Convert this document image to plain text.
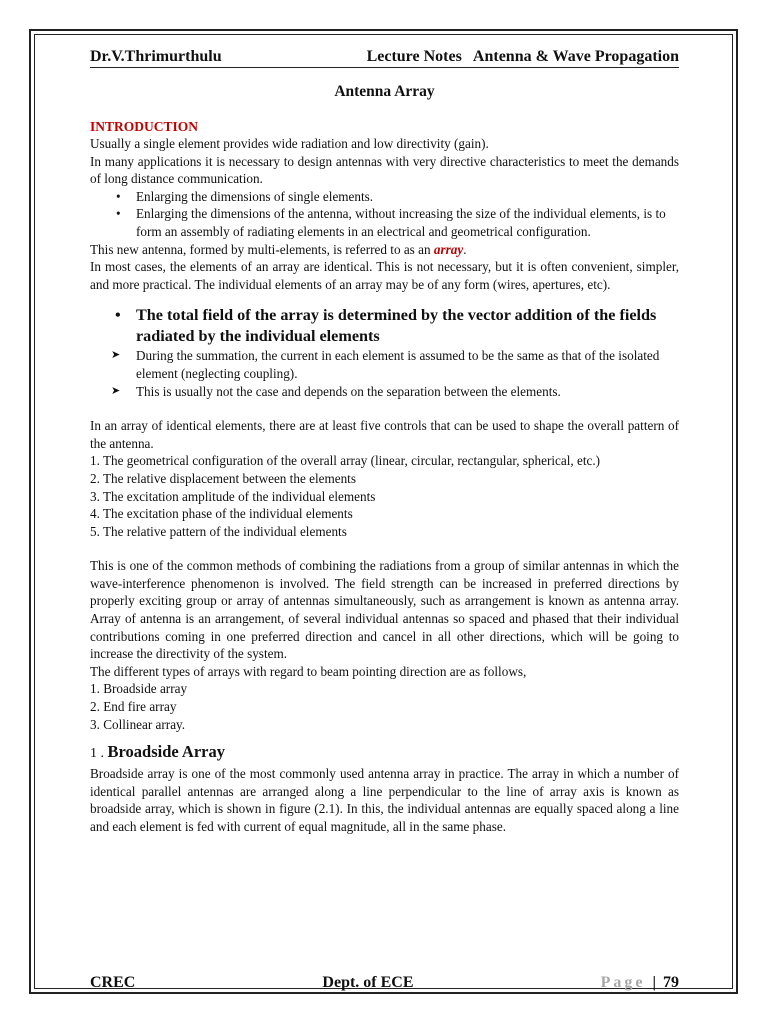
Dr.V.Thrimurthulu	Lecture Notes   Antenna & Wave Propagation
Antenna Array
INTRODUCTION

Usually a single element provides wide radiation and low directivity (gain).

In many applications it is necessary to design antennas with very directive characteristics to meet the demands of long distance communication.

• Enlarging the dimensions of single elements.
• Enlarging the dimensions of the antenna, without increasing the size of the individual elements, is to form an assembly of radiating elements in an electrical and geometrical configuration.

This new antenna, formed by multi-elements, is referred to as an array.

In most cases, the elements of an array are identical. This is not necessary, but it is often convenient, simpler, and more practical. The individual elements of an array may be of any form (wires, apertures, etc).

• The total field of the array is determined by the vector addition of the fields radiated by the individual elements
➤ During the summation, the current in each element is assumed to be the same as that of the isolated element (neglecting coupling).
➤ This is usually not the case and depends on the separation between the elements.

In an array of identical elements, there are at least five controls that can be used to shape the overall pattern of the antenna.

1. The geometrical configuration of the overall array (linear, circular, rectangular, spherical, etc.)

2. The relative displacement between the elements

3. The excitation amplitude of the individual elements

4. The excitation phase of the individual elements

5. The relative pattern of the individual elements

This is one of the common methods of combining the radiations from a group of similar antennas in which the wave-interference phenomenon is involved. The field strength can be increased in preferred directions by properly exciting group or array of antennas simultaneously, such as arrangement is known as antenna array. Array of antenna is an arrangement, of several individual antennas so spaced and phased that their individual contributions coming in one preferred direction and cancel in all other directions, which will be going to increase the directivity of the system.

The different types of arrays with regard to beam pointing direction are as follows,

1. Broadside array

2. End fire array

3. Collinear array.

1 . Broadside Array

Broadside array is one of the most commonly used antenna array in practice. The array in which a number of identical parallel antennas are arranged along a line perpendicular to the line of array axis is known as broadside array, which is shown in figure (2.1). In this, the individual antennas are equally spaced along a line and each element is fed with current of equal magnitude, all in the same phase.

CREC	Dept. of ECE	Page | 79
